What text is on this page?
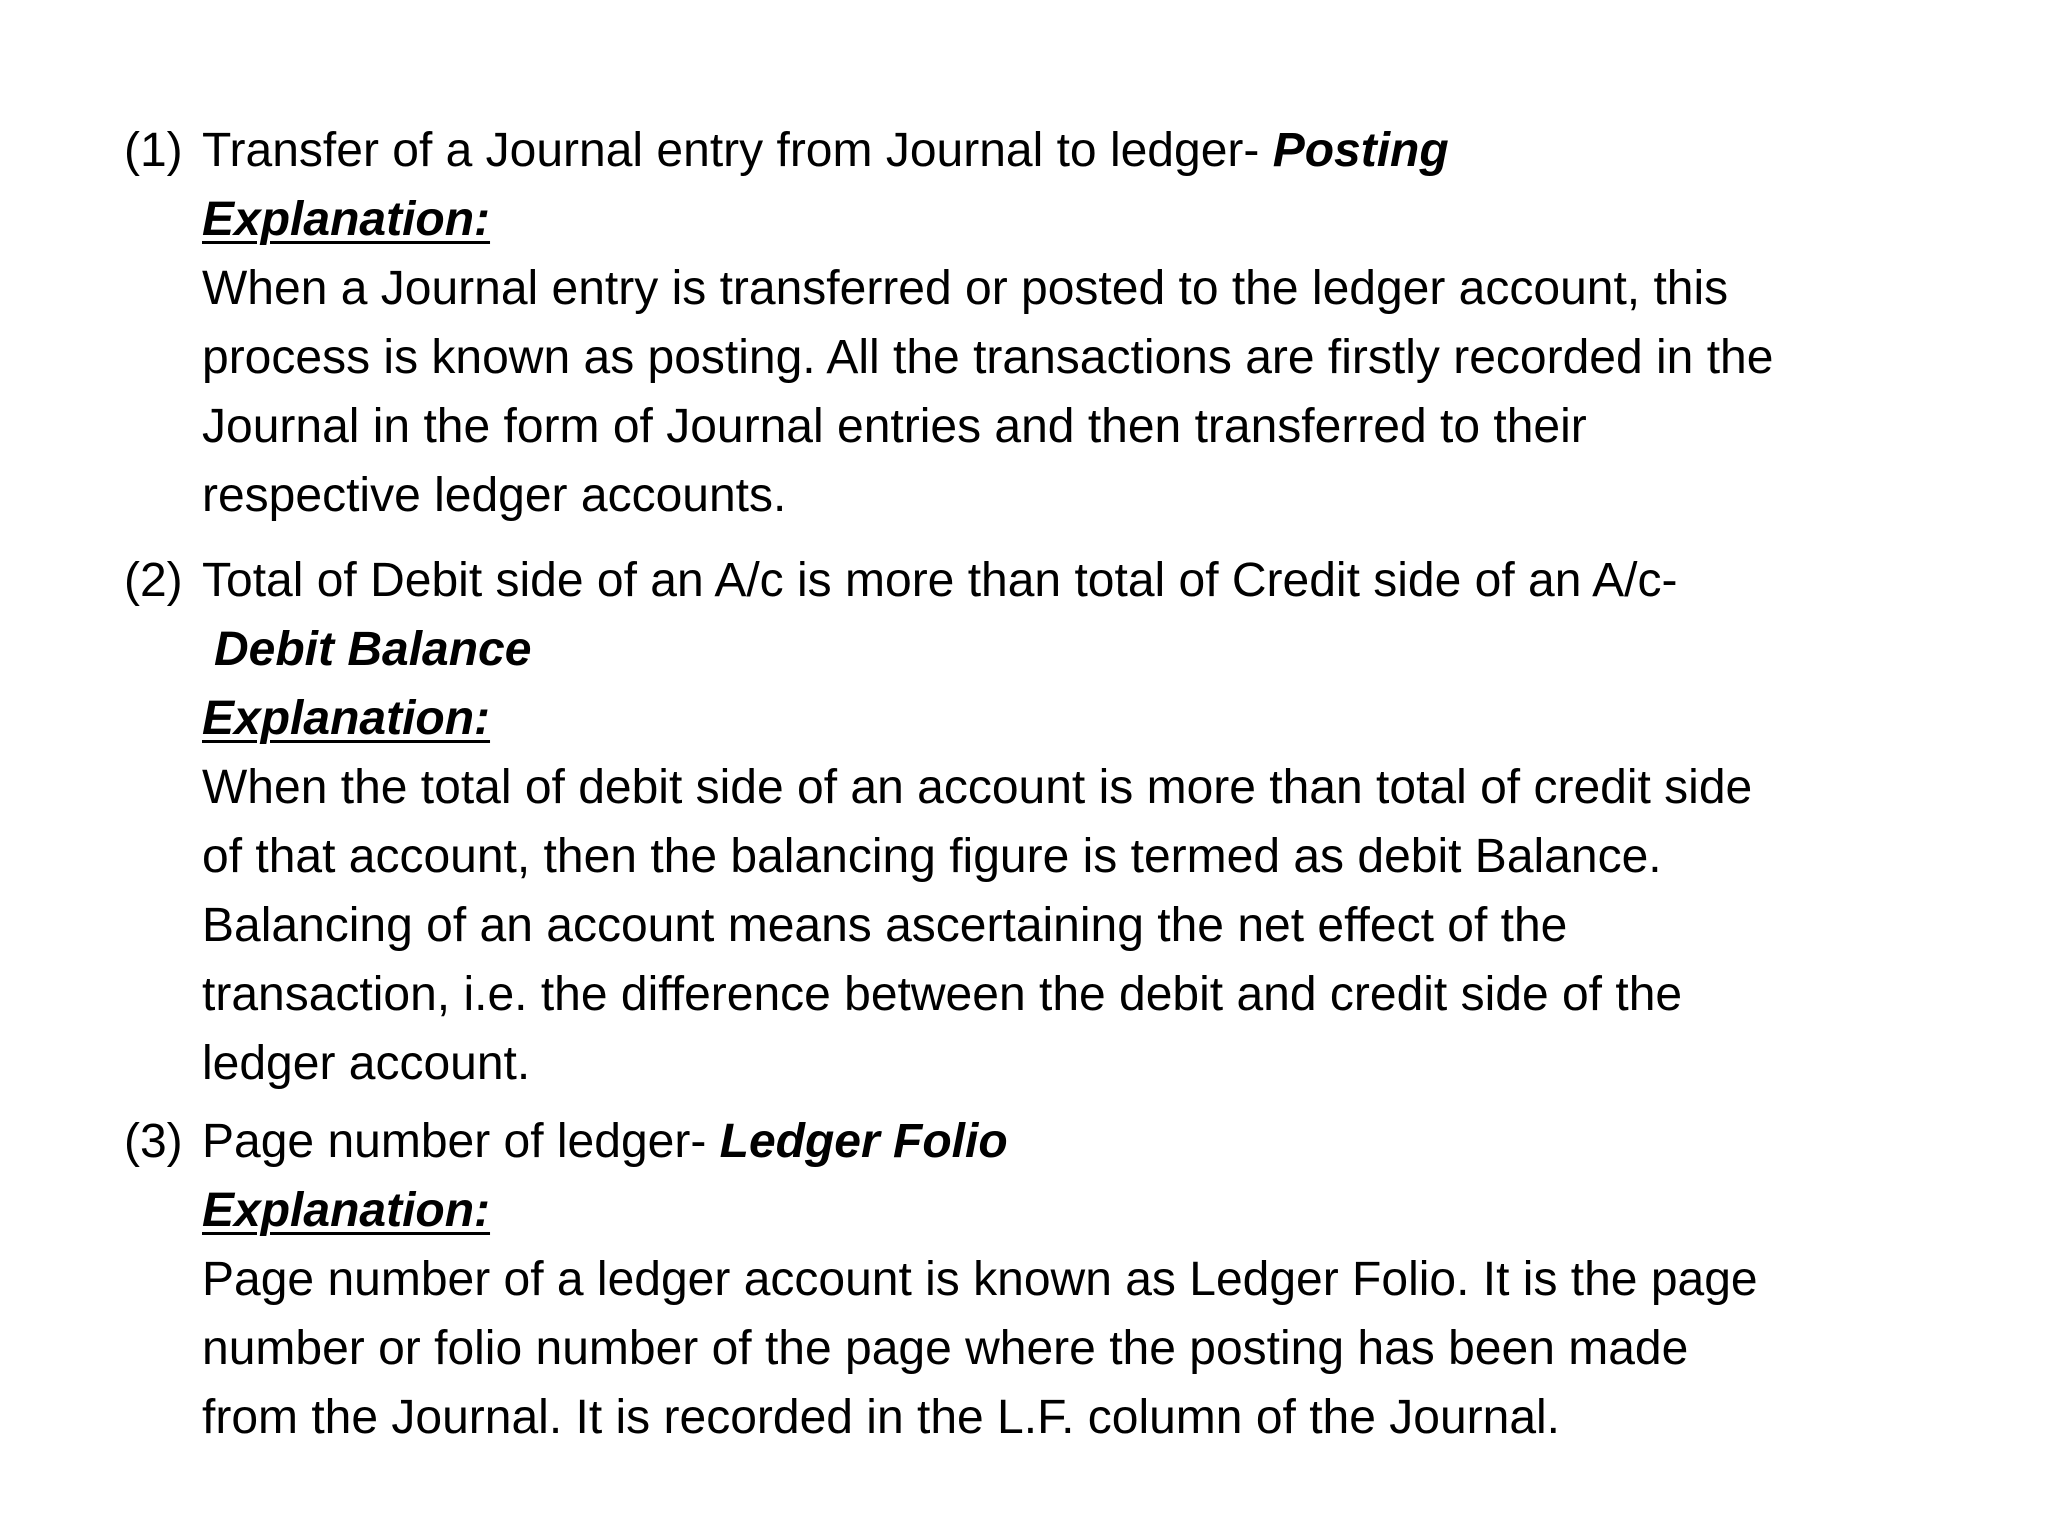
(1) Transfer of a Journal entry from Journal to ledger- Posting
Explanation:
When a Journal entry is transferred or posted to the ledger account, this
process is known as posting. All the transactions are firstly recorded in the
Journal in the form of Journal entries and then transferred to their
respective ledger accounts.
(2) Total of Debit side of an A/c is more than total of Credit side of an A/c-
Debit Balance
Explanation:
When the total of debit side of an account is more than total of credit side
of that account, then the balancing figure is termed as debit Balance.
Balancing of an account means ascertaining the net effect of the
transaction, i.e. the difference between the debit and credit side of the
ledger account.
(3) Page number of ledger- Ledger Folio
Explanation:
Page number of a ledger account is known as Ledger Folio. It is the page
number or folio number of the page where the posting has been made
from the Journal. It is recorded in the L.F. column of the Journal.
